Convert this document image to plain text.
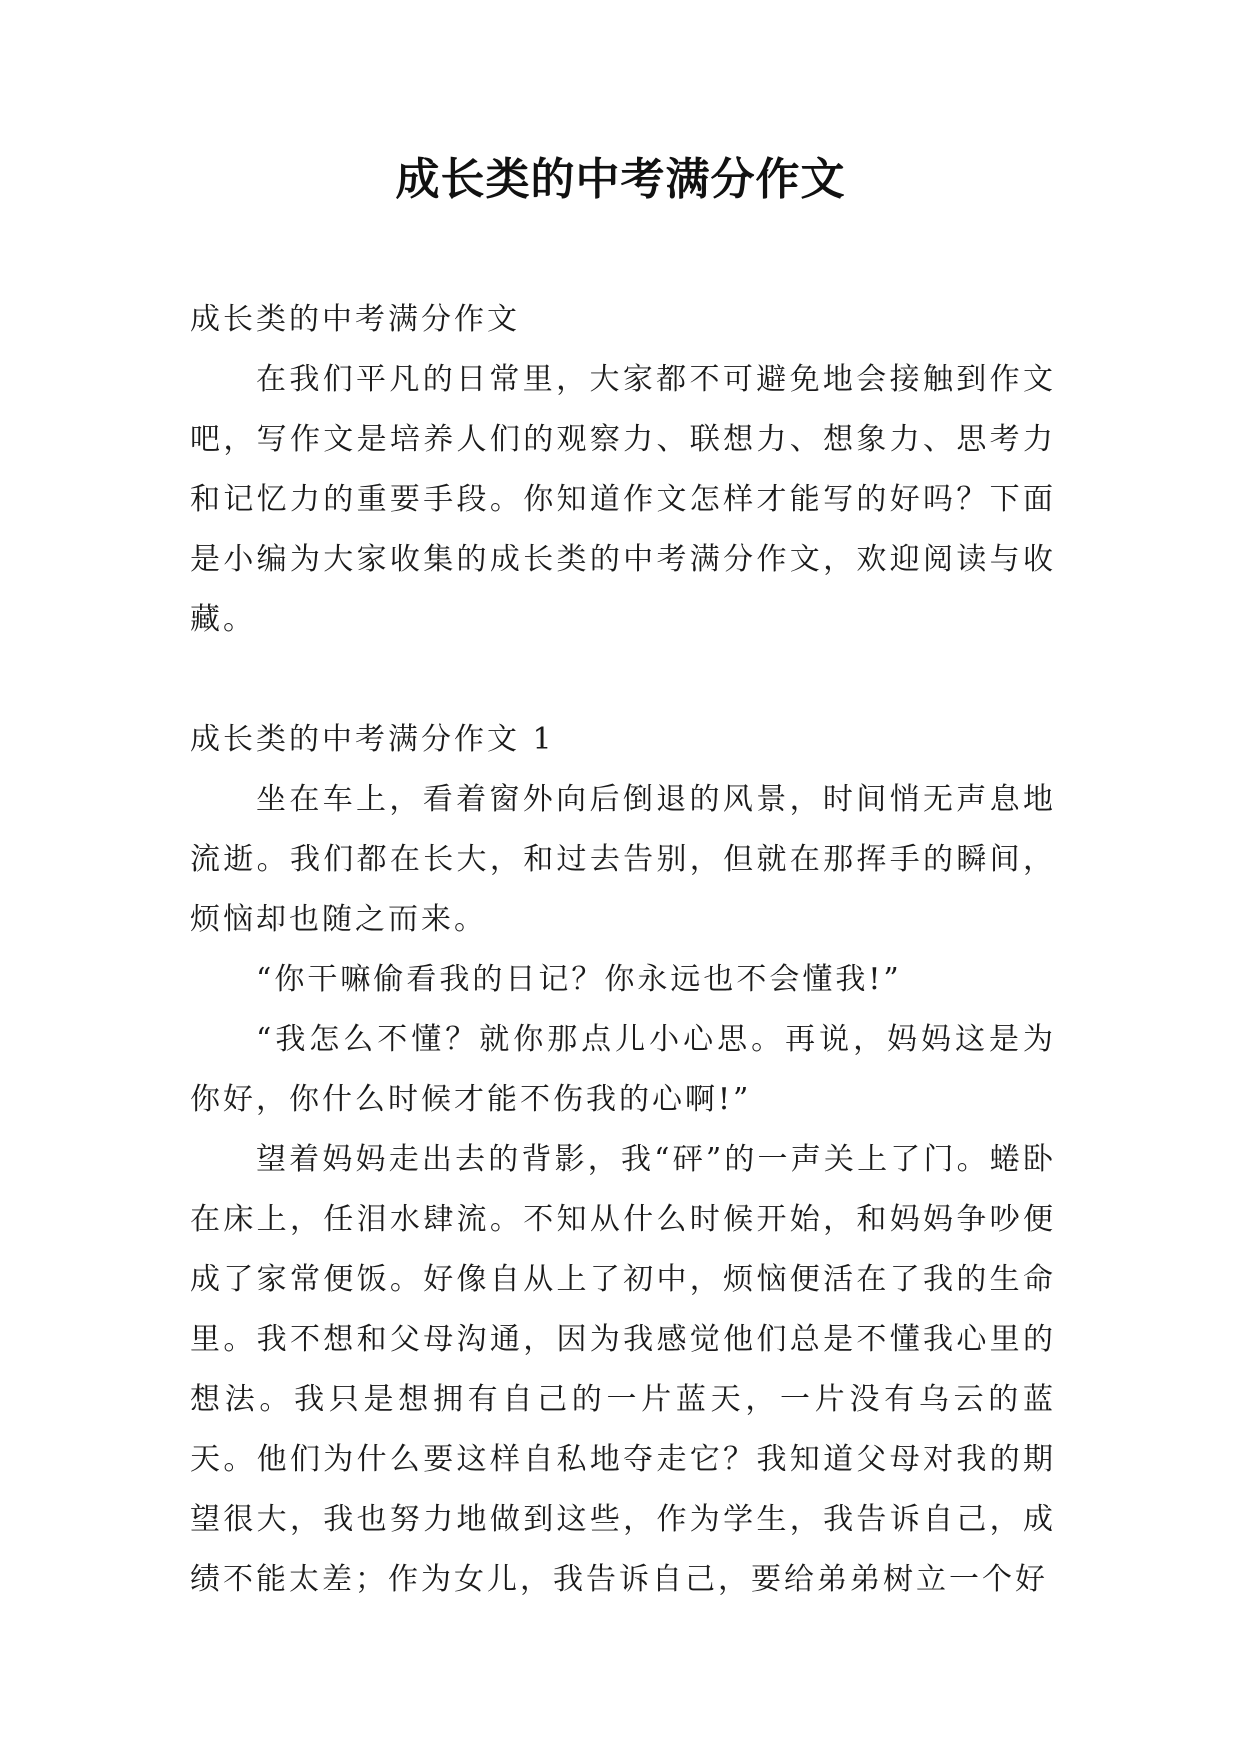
成长类的中考满分作文

成长类的中考满分作文

在我们平凡的日常里，大家都不可避免地会接触到作文吧，写作文是培养人们的观察力、联想力、想象力、思考力和记忆力的重要手段。你知道作文怎样才能写的好吗？下面是小编为大家收集的成长类的中考满分作文，欢迎阅读与收藏。

成长类的中考满分作文 1

坐在车上，看着窗外向后倒退的风景，时间悄无声息地流逝。我们都在长大，和过去告别，但就在那挥手的瞬间，烦恼却也随之而来。

“你干嘛偷看我的日记？你永远也不会懂我!”

“我怎么不懂？就你那点儿小心思。再说，妈妈这是为你好，你什么时候才能不伤我的心啊!”

望着妈妈走出去的背影，我“砰”的一声关上了门。蜷卧在床上，任泪水肆流。不知从什么时候开始，和妈妈争吵便成了家常便饭。好像自从上了初中，烦恼便活在了我的生命里。我不想和父母沟通，因为我感觉他们总是不懂我心里的想法。我只是想拥有自己的一片蓝天，一片没有乌云的蓝天。他们为什么要这样自私地夺走它？我知道父母对我的期望很大，我也努力地做到这些，作为学生，我告诉自己，成绩不能太差；作为女儿，我告诉自己，要给弟弟树立一个好
